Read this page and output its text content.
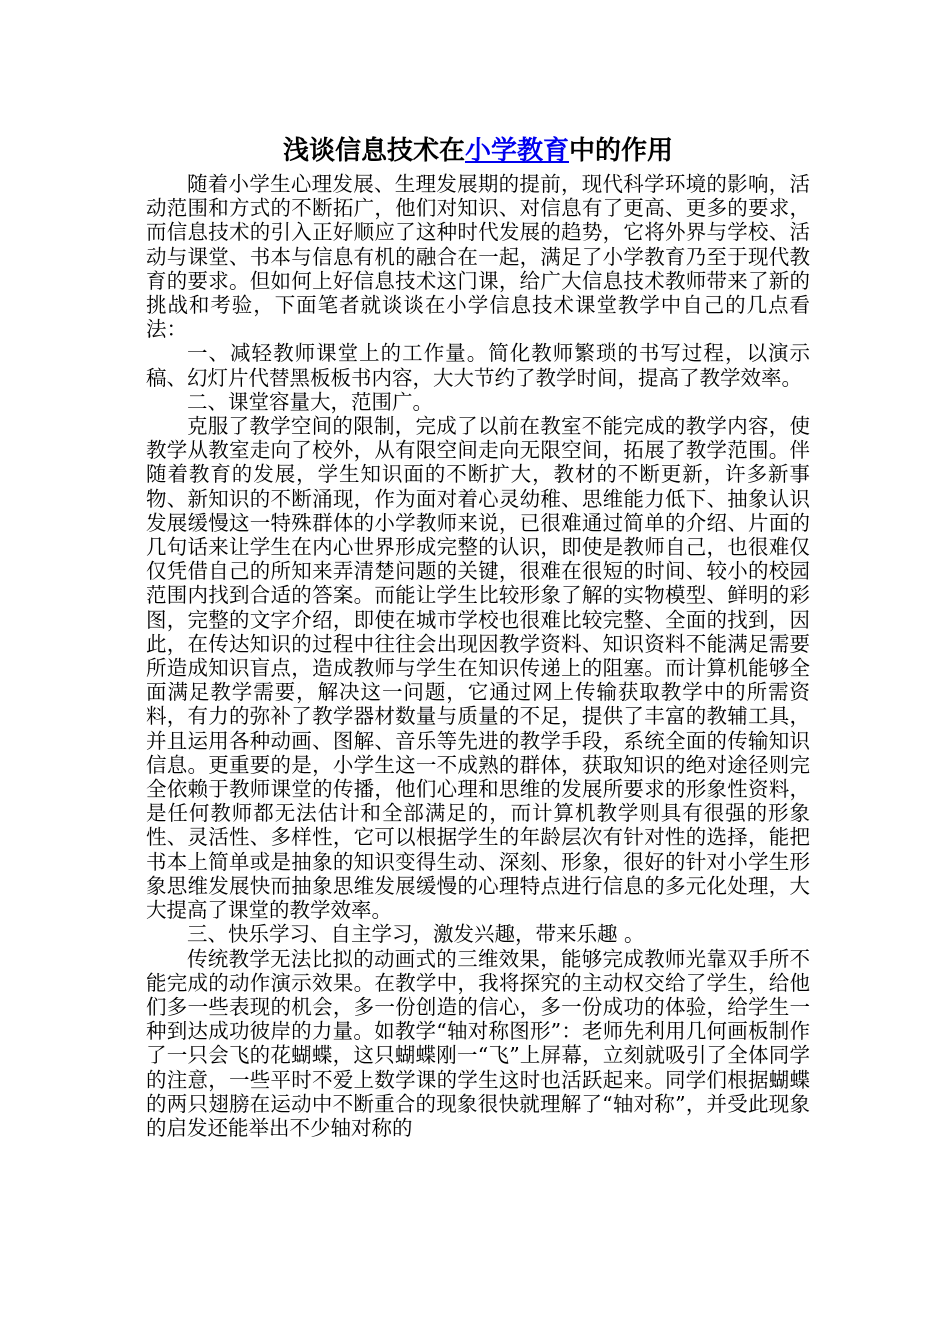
浅谈信息技术在小学教育中的作用

随着小学生心理发展、生理发展期的提前，现代科学环境的影响，活动范围和方式的不断拓广，他们对知识、对信息有了更高、更多的要求，而信息技术的引入正好顺应了这种时代发展的趋势，它将外界与学校、活动与课堂、书本与信息有机的融合在一起，满足了小学教育乃至于现代教育的要求。但如何上好信息技术这门课，给广大信息技术教师带来了新的挑战和考验，下面笔者就谈谈在小学信息技术课堂教学中自己的几点看法：

一、减轻教师课堂上的工作量。简化教师繁琐的书写过程，以演示稿、幻灯片代替黑板板书内容，大大节约了教学时间，提高了教学效率。

二、课堂容量大，范围广。

克服了教学空间的限制，完成了以前在教室不能完成的教学内容，使教学从教室走向了校外，从有限空间走向无限空间，拓展了教学范围。伴随着教育的发展，学生知识面的不断扩大，教材的不断更新，许多新事物、新知识的不断涌现，作为面对着心灵幼稚、思维能力低下、抽象认识发展缓慢这一特殊群体的小学教师来说，已很难通过简单的介绍、片面的几句话来让学生在内心世界形成完整的认识，即使是教师自己，也很难仅仅凭借自己的所知来弄清楚问题的关键，很难在很短的时间、较小的校园范围内找到合适的答案。而能让学生比较形象了解的实物模型、鲜明的彩图，完整的文字介绍，即使在城市学校也很难比较完整、全面的找到，因此，在传达知识的过程中往往会出现因教学资料、知识资料不能满足需要所造成知识盲点，造成教师与学生在知识传递上的阻塞。而计算机能够全面满足教学需要，解决这一问题，它通过网上传输获取教学中的所需资料，有力的弥补了教学器材数量与质量的不足，提供了丰富的教辅工具，并且运用各种动画、图解、音乐等先进的教学手段，系统全面的传输知识信息。更重要的是，小学生这一不成熟的群体，获取知识的绝对途径则完全依赖于教师课堂的传播，他们心理和思维的发展所要求的形象性资料，是任何教师都无法估计和全部满足的，而计算机教学则具有很强的形象性、灵活性、多样性，它可以根据学生的年龄层次有针对性的选择，能把书本上简单或是抽象的知识变得生动、深刻、形象，很好的针对小学生形象思维发展快而抽象思维发展缓慢的心理特点进行信息的多元化处理，大大提高了课堂的教学效率。

三、快乐学习、自主学习，激发兴趣，带来乐趣 。

传统教学无法比拟的动画式的三维效果，能够完成教师光靠双手所不能完成的动作演示效果。在教学中，我将探究的主动权交给了学生，给他们多一些表现的机会，多一份创造的信心，多一份成功的体验，给学生一种到达成功彼岸的力量。如教学“轴对称图形”：老师先利用几何画板制作了一只会飞的花蝴蝶，这只蝴蝶刚一“飞”上屏幕，立刻就吸引了全体同学的注意，一些平时不爱上数学课的学生这时也活跃起来。同学们根据蝴蝶的两只翅膀在运动中不断重合的现象很快就理解了“轴对称”，并受此现象的启发还能举出不少轴对称的
